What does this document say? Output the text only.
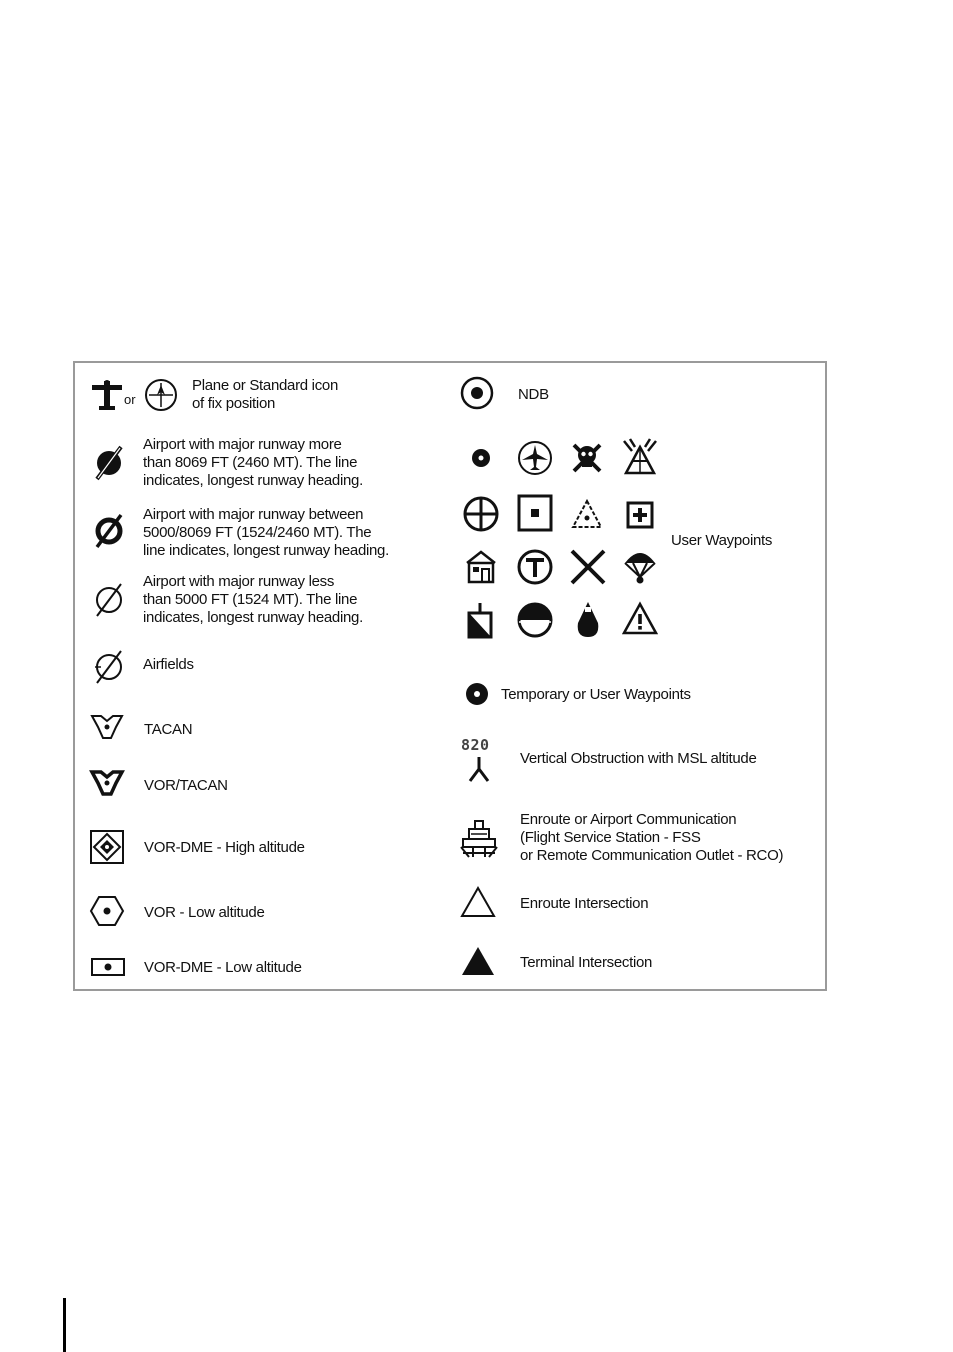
or
Plane or Standard icon
of fix position
Airport with major runway more
than 8069 FT (2460 MT). The line
indicates, longest runway heading.
Airport with major runway between
5000/8069 FT (1524/2460 MT). The
line indicates, longest runway heading.
Airport with major runway less
than 5000 FT (1524 MT). The line
indicates, longest runway heading.
Airfields
TACAN
VOR/TACAN
VOR-DME - High altitude
VOR - Low altitude
VOR-DME - Low altitude
NDB
User Waypoints
Temporary or User Waypoints
820
Vertical Obstruction with MSL altitude
Enroute or Airport Communication
(Flight Service Station - FSS
or Remote Communication Outlet - RCO)
Enroute Intersection
Terminal Intersection
